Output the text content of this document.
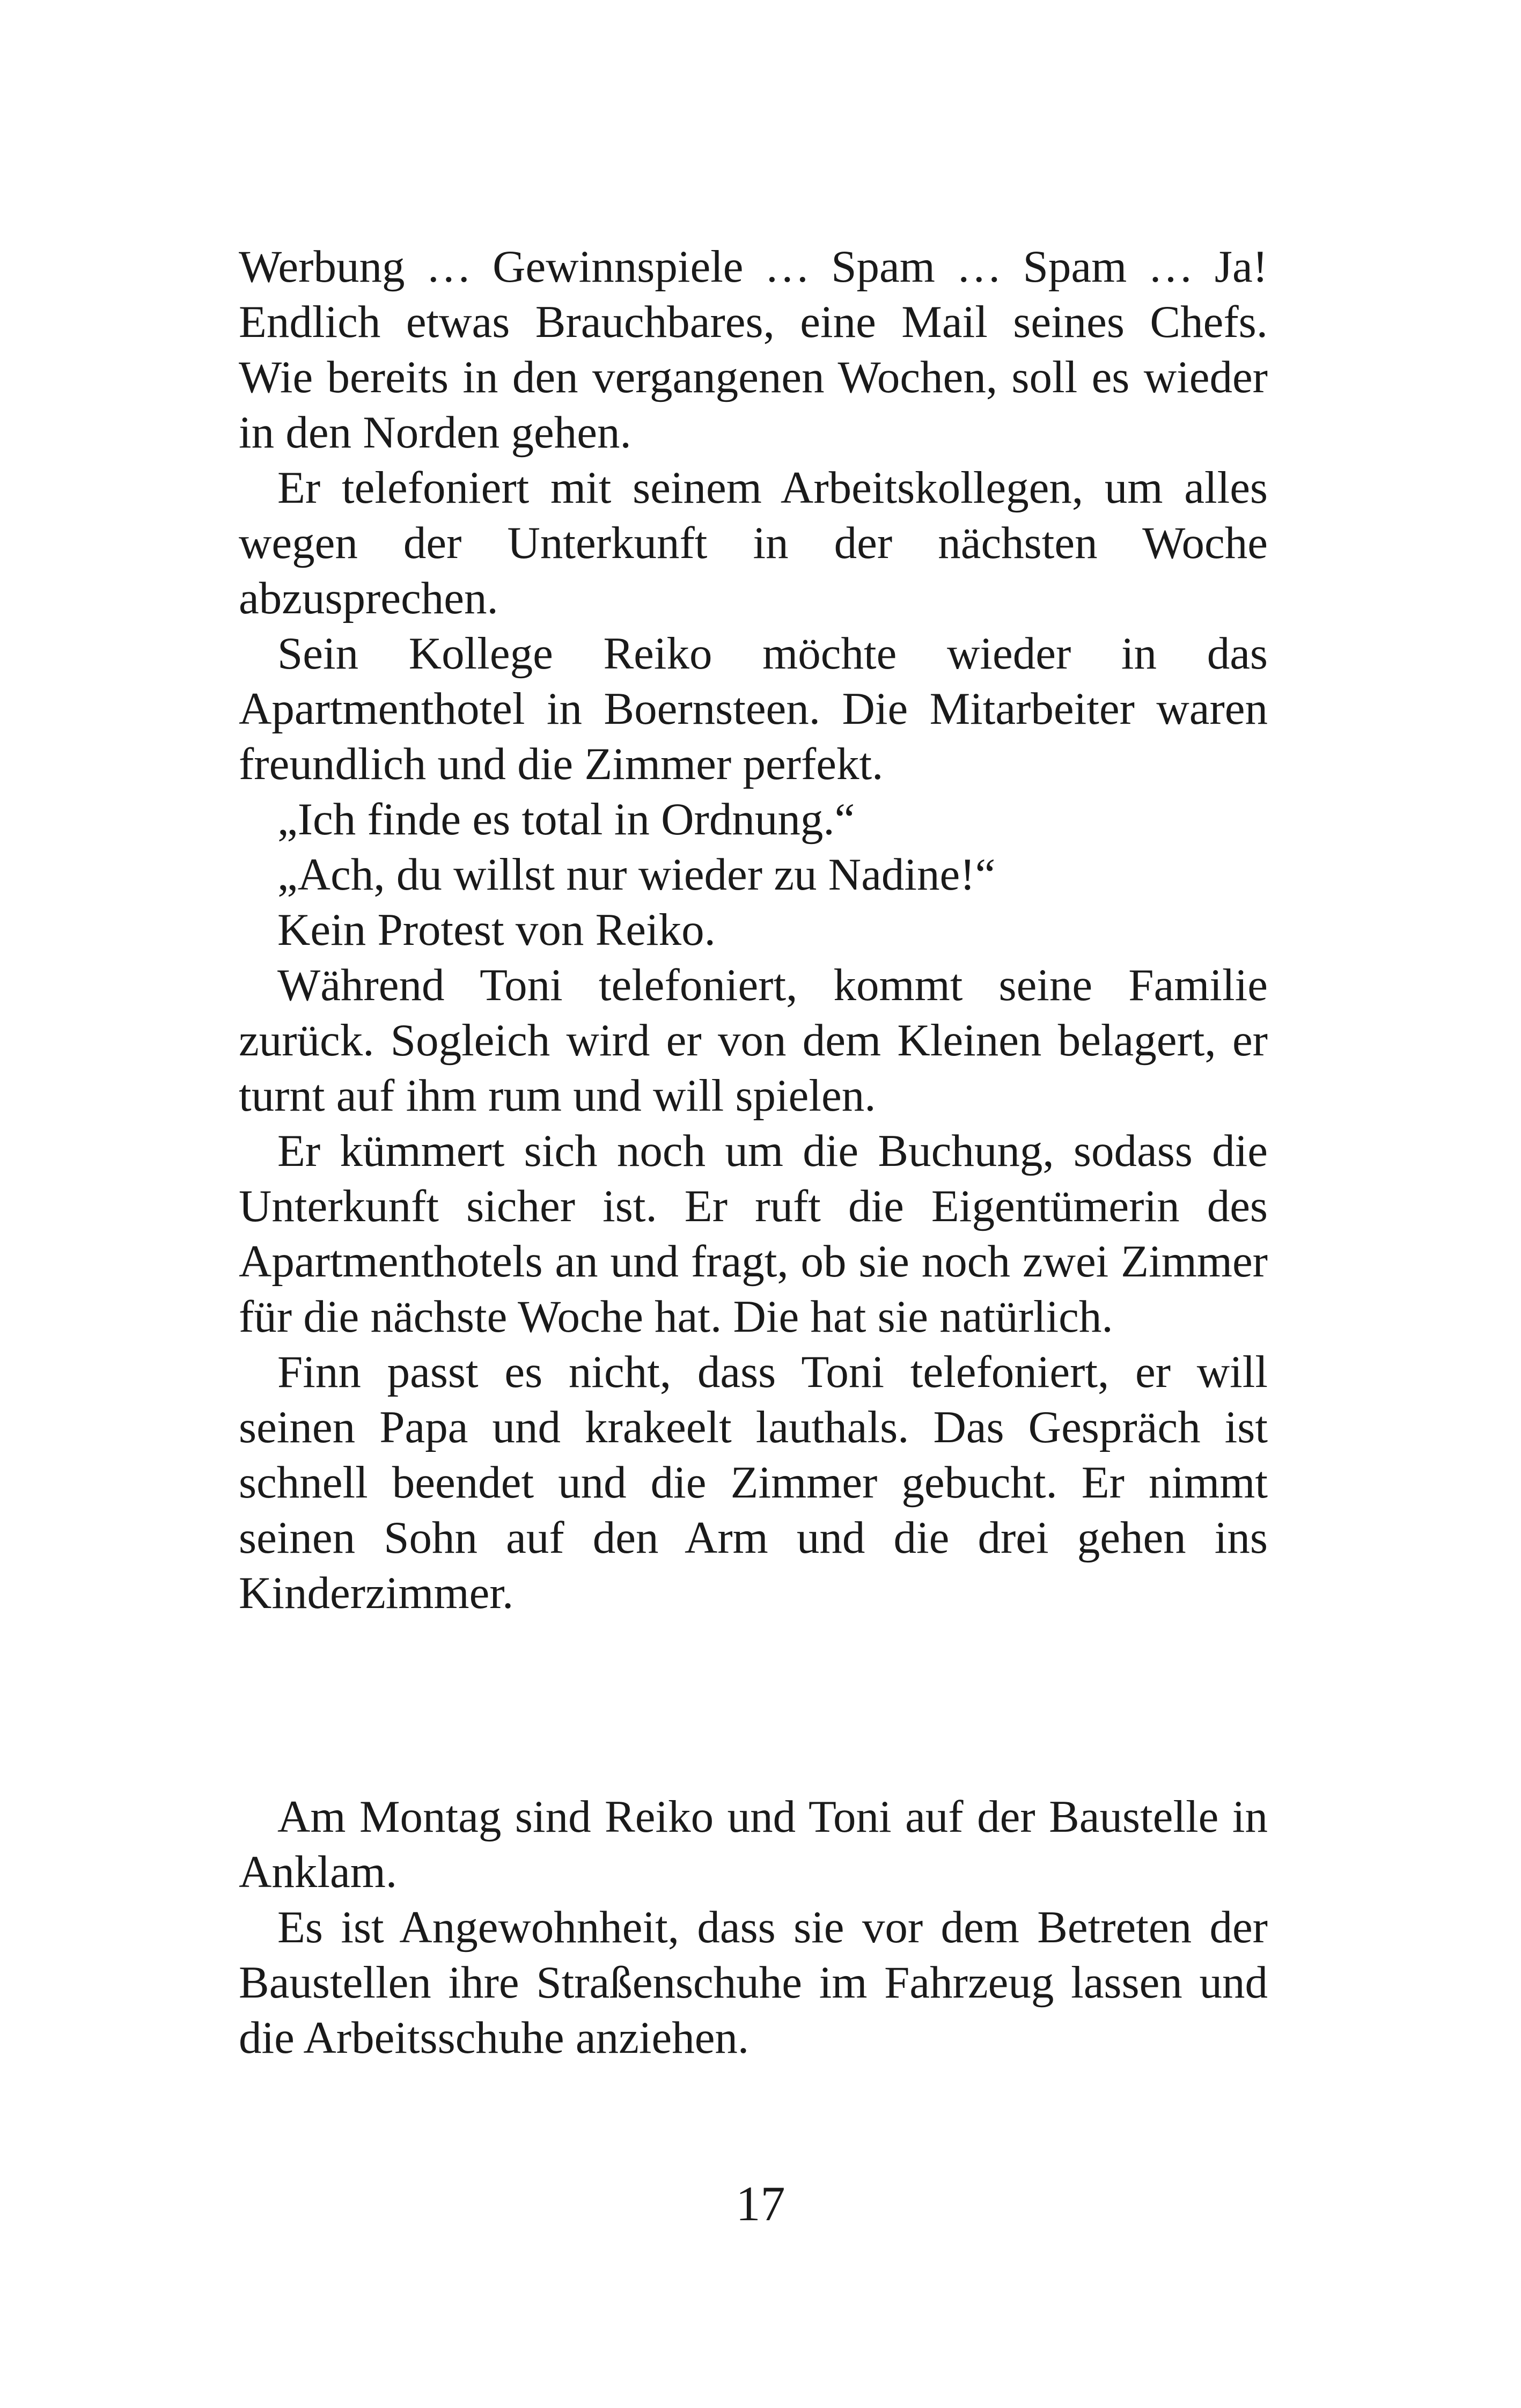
Werbung … Gewinnspiele … Spam … Spam … Ja! Endlich etwas Brauchbares, eine Mail seines Chefs. Wie bereits in den vergangenen Wochen, soll es wieder in den Norden gehen.

Er telefoniert mit seinem Arbeitskollegen, um alles wegen der Unterkunft in der nächsten Woche abzusprechen.

Sein Kollege Reiko möchte wieder in das Apartmenthotel in Boernsteen. Die Mitarbeiter waren freundlich und die Zimmer perfekt.

„Ich finde es total in Ordnung.“

„Ach, du willst nur wieder zu Nadine!“

Kein Protest von Reiko.

Während Toni telefoniert, kommt seine Familie zurück. Sogleich wird er von dem Kleinen belagert, er turnt auf ihm rum und will spielen.

Er kümmert sich noch um die Buchung, sodass die Unterkunft sicher ist. Er ruft die Eigentümerin des Apartmenthotels an und fragt, ob sie noch zwei Zimmer für die nächste Woche hat. Die hat sie natürlich.

Finn passt es nicht, dass Toni telefoniert, er will seinen Papa und krakeelt lauthals. Das Gespräch ist schnell beendet und die Zimmer gebucht. Er nimmt seinen Sohn auf den Arm und die drei gehen ins Kinderzimmer.

Am Montag sind Reiko und Toni auf der Baustelle in Anklam.

Es ist Angewohnheit, dass sie vor dem Betreten der Baustellen ihre Straßenschuhe im Fahrzeug lassen und die Arbeitsschuhe anziehen.

17
